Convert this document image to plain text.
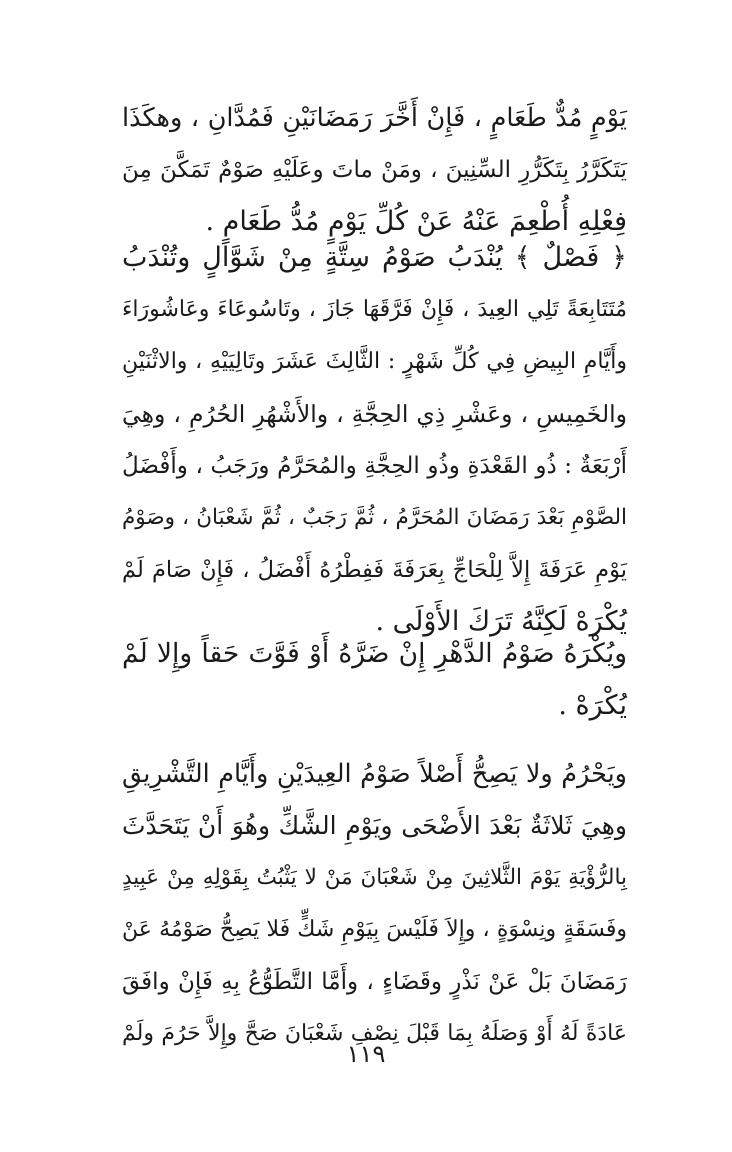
يَوْمٍ مُدٌّ طَعَامٍ ، فَإِنْ أَخَّرَ رَمَضَانَيْنِ فَمُدَّانِ ، وهكَذَا
يَتَكَرَّرُ بِتَكَرُّرِ السِّنِينَ ، ومَنْ ماتَ وعَلَيْهِ صَوْمٌ تَمَكَّنَ مِنَ
فِعْلِهِ أُطْعِمَ عَنْهُ عَنْ كُلِّ يَوْمٍ مُدُّ طَعَامٍ .
﴿ فَصْلٌ ﴾ يُنْدَبُ صَوْمُ سِتَّةٍ مِنْ شَوَّالٍ وتُنْدَبُ
مُتَتَابِعَةً تَلِي العِيدَ ، فَإِنْ فَرَّقَهَا جَازَ ، وتَاسُوعَاءَ وعَاشُورَاءَ
وأَيَّامِ البِيضِ فِي كُلِّ شَهْرٍ : الثَّالِثَ عَشَرَ وتَالِيَيْهِ ، والاثْنَيْنِ
والخَمِيسِ ، وعَشْرِ ذِي الحِجَّةِ ، والأَشْهُرِ الحُرُمِ ، وهِيَ
أَرْبَعَةٌ : ذُو القَعْدَةِ وذُو الحِجَّةِ والمُحَرَّمُ ورَجَبُ ، وأَفْضَلُ
الصَّوْمِ بَعْدَ رَمَضَانَ المُحَرَّمُ ، ثُمَّ رَجَبٌ ، ثُمَّ شَعْبَانُ ، وصَوْمُ
يَوْمِ عَرَفَةَ إِلاَّ لِلْحَاجِّ بِعَرَفَةَ فَفِطْرُهُ أَفْضَلُ ، فَإِنْ صَامَ لَمْ
يُكْرَهْ لَكِنَّهُ تَرَكَ الأَوْلَى .
ويُكْرَهُ صَوْمُ الدَّهْرِ إِنْ ضَرَّهُ أَوْ فَوَّتَ حَقاً وإِلا لَمْ
يُكْرَهْ .
ويَحْرُمُ ولا يَصِحُّ أَصْلاً صَوْمُ العِيدَيْنِ وأَيَّامِ التَّشْرِيقِ
وهِيَ ثَلاثَةٌ بَعْدَ الأَضْحَى ويَوْمِ الشَّكِّ وهُوَ أَنْ يَتَحَدَّثَ
بِالرُّؤْيَةِ يَوْمَ الثَّلاثِينَ مِنْ شَعْبَانَ مَنْ لا يَثْبُتُ بِقَوْلِهِ مِنْ عَبِيدٍ
وفَسَقَةٍ ونِسْوَةٍ ، وإِلاَ فَلَيْسَ بِيَوْمِ شَكٍّ فَلا يَصِحُّ صَوْمُهُ عَنْ
رَمَضَانَ بَلْ عَنْ نَذْرٍ وقَضَاءٍ ، وأَمَّا التَّطَوُّعُ بِهِ فَإِنْ وافَقَ
عَادَةً لَهُ أَوْ وَصَلَهُ بِمَا قَبْلَ نِصْفِ شَعْبَانَ صَحَّ وإِلاَّ حَرُمَ ولَمْ
١١٩
